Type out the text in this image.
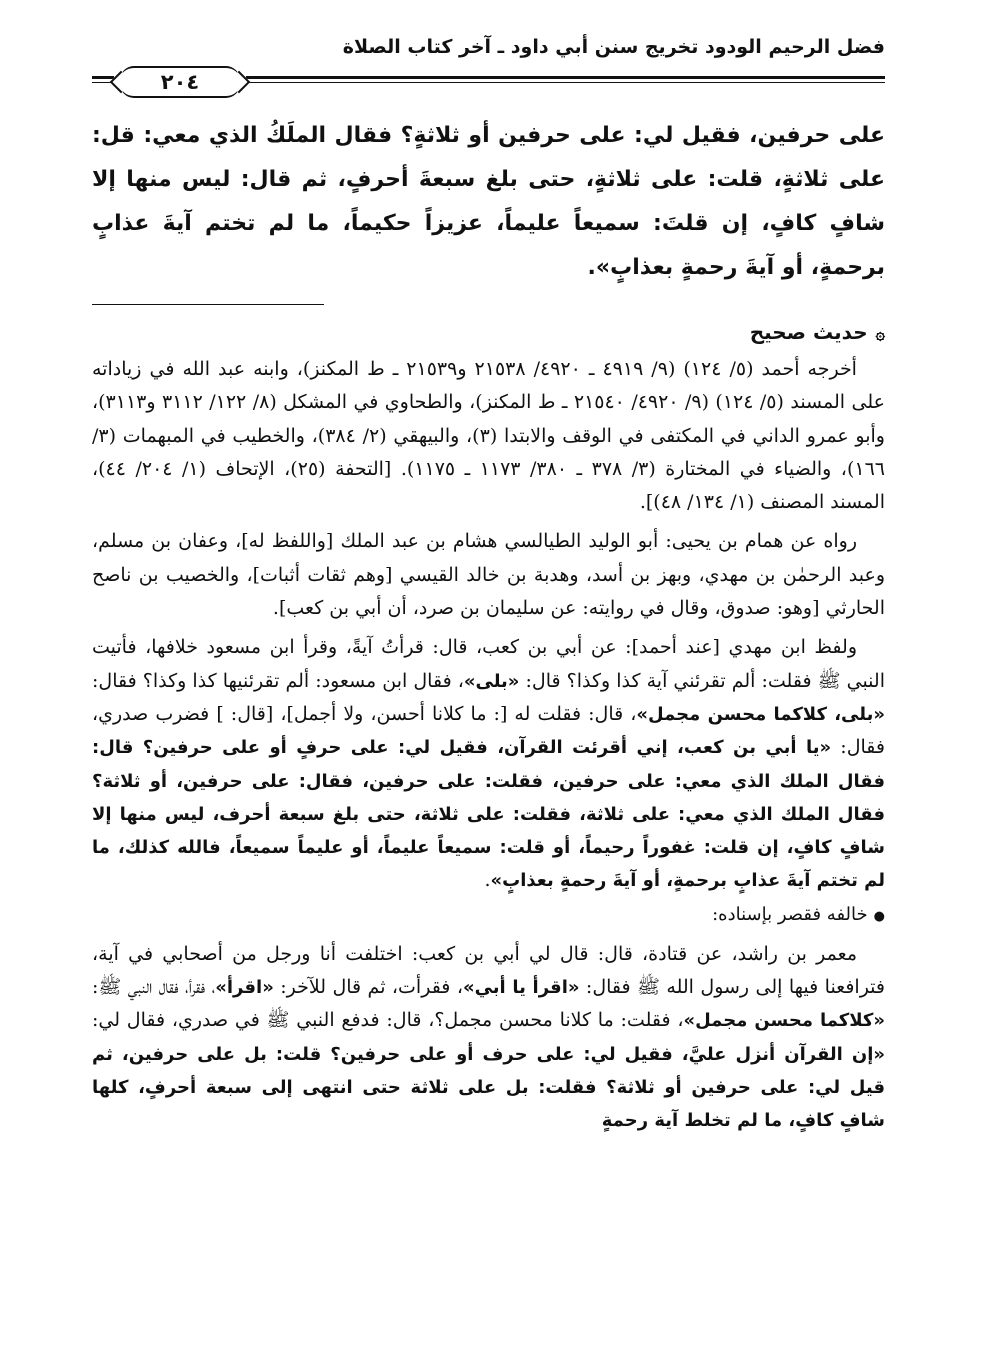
فضل الرحيم الودود تخريج سنن أبي داود ـ آخر كتاب الصلاة
٢٠٤

على حرفين، فقيل لي: على حرفين أو ثلاثةٍ؟ فقال الملَكُ الذي معي: قل: على ثلاثةٍ، قلت: على ثلاثةٍ، حتى بلغ سبعةَ أحرفٍ، ثم قال: ليس منها إلا شافٍ كافٍ، إن قلتَ: سميعاً عليماً، عزيزاً حكيماً، ما لم تختم آيةَ عذابٍ برحمةٍ، أو آيةَ رحمةٍ بعذابٍ».

۞حديث صحيح

أخرجه أحمد (٥/ ١٢٤) (٩/ ٤٩١٩ ـ ٤٩٢٠/ ٢١٥٣٨ و٢١٥٣٩ ـ ط المكنز)، وابنه عبد الله في زياداته على المسند (٥/ ١٢٤) (٩/ ٤٩٢٠/ ٢١٥٤٠ ـ ط المكنز)، والطحاوي في المشكل (٨/ ١٢٢/ ٣١١٢ و٣١١٣)، وأبو عمرو الداني في المكتفى في الوقف والابتدا (٣)، والبيهقي (٢/ ٣٨٤)، والخطيب في المبهمات (٣/ ١٦٦)، والضياء في المختارة (٣/ ٣٧٨ ـ ٣٨٠/ ١١٧٣ ـ ١١٧٥). [التحفة (٢٥)، الإتحاف (١/ ٢٠٤/ ٤٤)، المسند المصنف (١/ ١٣٤/ ٤٨)].

رواه عن همام بن يحيى: أبو الوليد الطيالسي هشام بن عبد الملك [واللفظ له]، وعفان بن مسلم، وعبد الرحمٰن بن مهدي، وبهز بن أسد، وهدبة بن خالد القيسي [وهم ثقات أثبات]، والخصيب بن ناصح الحارثي [وهو: صدوق، وقال في روايته: عن سليمان بن صرد، أن أبي بن كعب].

ولفظ ابن مهدي [عند أحمد]: عن أبي بن كعب، قال: قرأتُ آيةً، وقرأ ابن مسعود خلافها، فأتيت النبي ﷺ فقلت: ألم تقرئني آية كذا وكذا؟ قال: «بلى»، فقال ابن مسعود: ألم تقرئنيها كذا وكذا؟ فقال: «بلى، كلاكما محسن مجمل»، قال: فقلت له [: ما كلانا أحسن، ولا أجمل]، [قال: ] فضرب صدري، فقال: «يا أبي بن كعب، إني أقرئت القرآن، فقيل لي: على حرفٍ أو على حرفين؟ قال: فقال الملك الذي معي: على حرفين، فقلت: على حرفين، فقال: على حرفين، أو ثلاثة؟ فقال الملك الذي معي: على ثلاثة، فقلت: على ثلاثة، حتى بلغ سبعة أحرف، ليس منها إلا شافٍ كافٍ، إن قلت: غفوراً رحيماً، أو قلت: سميعاً عليماً، أو عليماً سميعاً، فالله كذلك، ما لم تختم آيةَ عذابٍ برحمةٍ، أو آيةَ رحمةٍ بعذابٍ».

●خالفه فقصر بإسناده:

معمر بن راشد، عن قتادة، قال: قال لي أبي بن كعب: اختلفت أنا ورجل من أصحابي في آية، فترافعنا فيها إلى رسول الله ﷺ فقال: «اقرأ يا أبي»، فقرأت، ثم قال للآخر: «اقرأ»، فقرأ، فقال النبي ﷺ: «كلاكما محسن مجمل»، فقلت: ما كلانا محسن مجمل؟، قال: فدفع النبي ﷺ في صدري، فقال لي: «إن القرآن أنزل عليَّ، فقيل لي: على حرف أو على حرفين؟ قلت: بل على حرفين، ثم قيل لي: على حرفين أو ثلاثة؟ فقلت: بل على ثلاثة حتى انتهى إلى سبعة أحرفٍ، كلها شافٍ كافٍ، ما لم تخلط آية رحمةٍ
